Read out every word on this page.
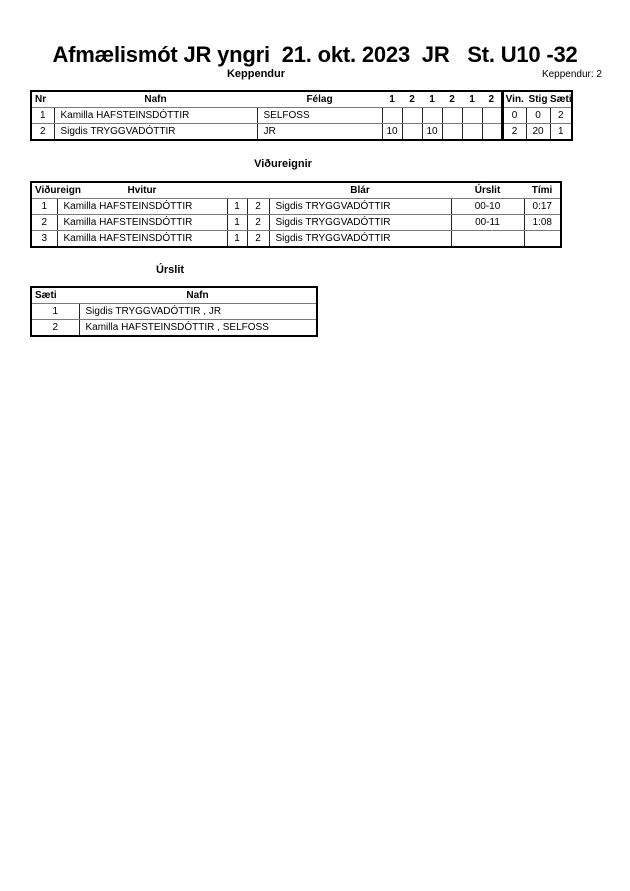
Afmælismót JR yngri  21. okt. 2023  JR   St. U10 -32
Keppendur	Keppendur: 2
Nr	Nafn	Félag	1	2	1	2	1	2	Vin.	Stig	Sæti
1	Kamilla HAFSTEINSDÓTTIR	SELFOSS							0	0	2
2	Sigdis TRYGGVADÓTTIR	JR	10		10				2	20	1
Viðureignir
Viðureign	Hvitur			Blár	Úrslit	Tími
1	Kamilla HAFSTEINSDÓTTIR	1	2	Sigdis TRYGGVADÓTTIR	00-10	0:17
2	Kamilla HAFSTEINSDÓTTIR	1	2	Sigdis TRYGGVADÓTTIR	00-11	1:08
3	Kamilla HAFSTEINSDÓTTIR	1	2	Sigdis TRYGGVADÓTTIR		
Úrslit
Sæti	Nafn
1	Sigdis TRYGGVADÓTTIR , JR
2	Kamilla HAFSTEINSDÓTTIR , SELFOSS
